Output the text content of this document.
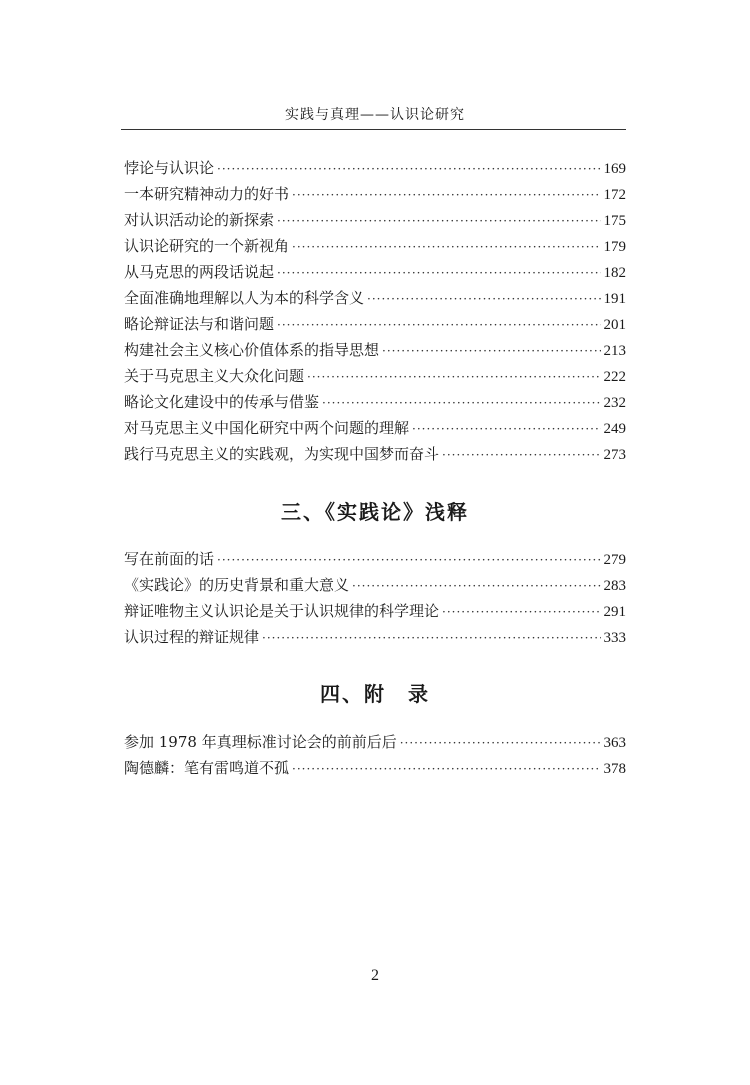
实践与真理——认识论研究
悖论与认识论 ·····	169
一本研究精神动力的好书 ·····	172
对认识活动论的新探索 ·····	175
认识论研究的一个新视角 ·····	179
从马克思的两段话说起 ·····	182
全面准确地理解以人为本的科学含义 ·····	191
略论辩证法与和谐问题 ·····	201
构建社会主义核心价值体系的指导思想 ·····	213
关于马克思主义大众化问题 ·····	222
略论文化建设中的传承与借鉴 ·····	232
对马克思主义中国化研究中两个问题的理解 ·····	249
践行马克思主义的实践观，为实现中国梦而奋斗 ·····	273
三、《实践论》浅释
写在前面的话 ·····	279
《实践论》的历史背景和重大意义 ·····	283
辩证唯物主义认识论是关于认识规律的科学理论 ·····	291
认识过程的辩证规律 ·····	333
四、附　录
参加 1978 年真理标准讨论会的前前后后 ·····	363
陶德麟：笔有雷鸣道不孤 ·····	378
2
